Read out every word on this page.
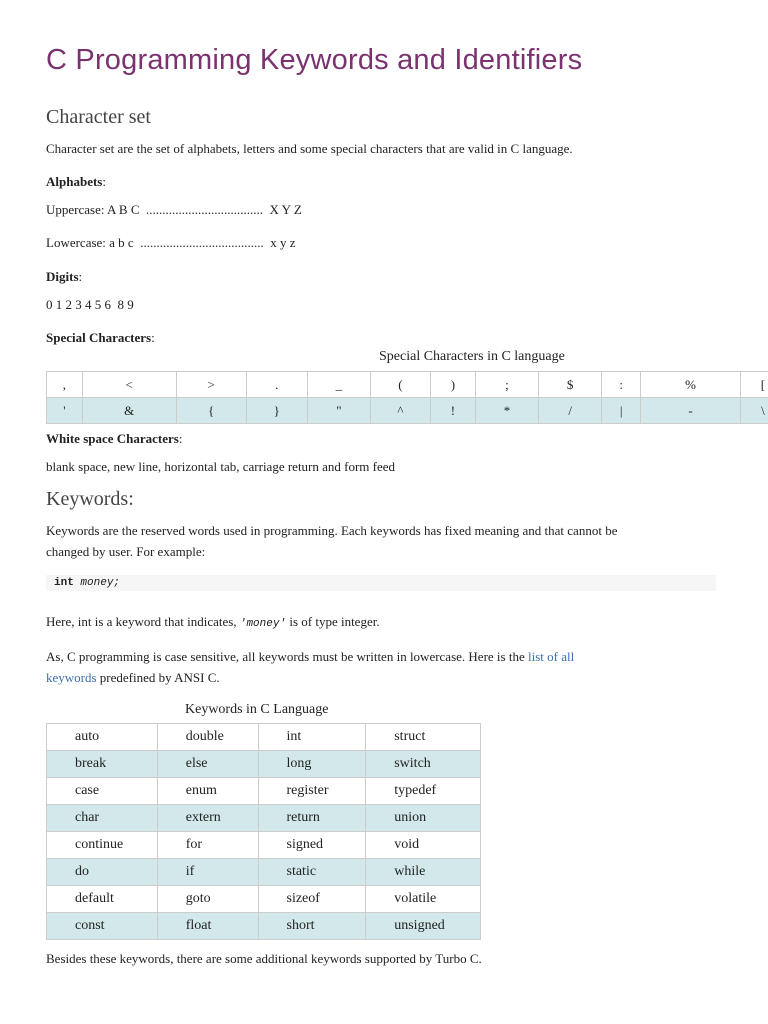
C Programming Keywords and Identifiers
Character set

Character set are the set of alphabets, letters and some special characters that are valid in C language.

Alphabets:

Uppercase: A B C  ....................................  X Y Z

Lowercase: a b c  ......................................  x y z

Digits:

0 1 2 3 4 5 6  8 9

Special Characters:

Special Characters in C language
,	<	>	.	_	(	)	;	$	:	%	[
'	&	{	}	"	^	!	*	/	|	-	\

White space Characters:

blank space, new line, horizontal tab, carriage return and form feed

Keywords:

Keywords are the reserved words used in programming. Each keywords has fixed meaning and that cannot be

changed by user. For example:

int money;

Here, int is a keyword that indicates, 'money' is of type integer.

As, C programming is case sensitive, all keywords must be written in lowercase. Here is the list of all

keywords predefined by ANSI C.

Keywords in C Language
auto	double	int	struct
break	else	long	switch
case	enum	register	typedef
char	extern	return	union
continue	for	signed	void
do	if	static	while
default	goto	sizeof	volatile
const	float	short	unsigned

Besides these keywords, there are some additional keywords supported by Turbo C.
